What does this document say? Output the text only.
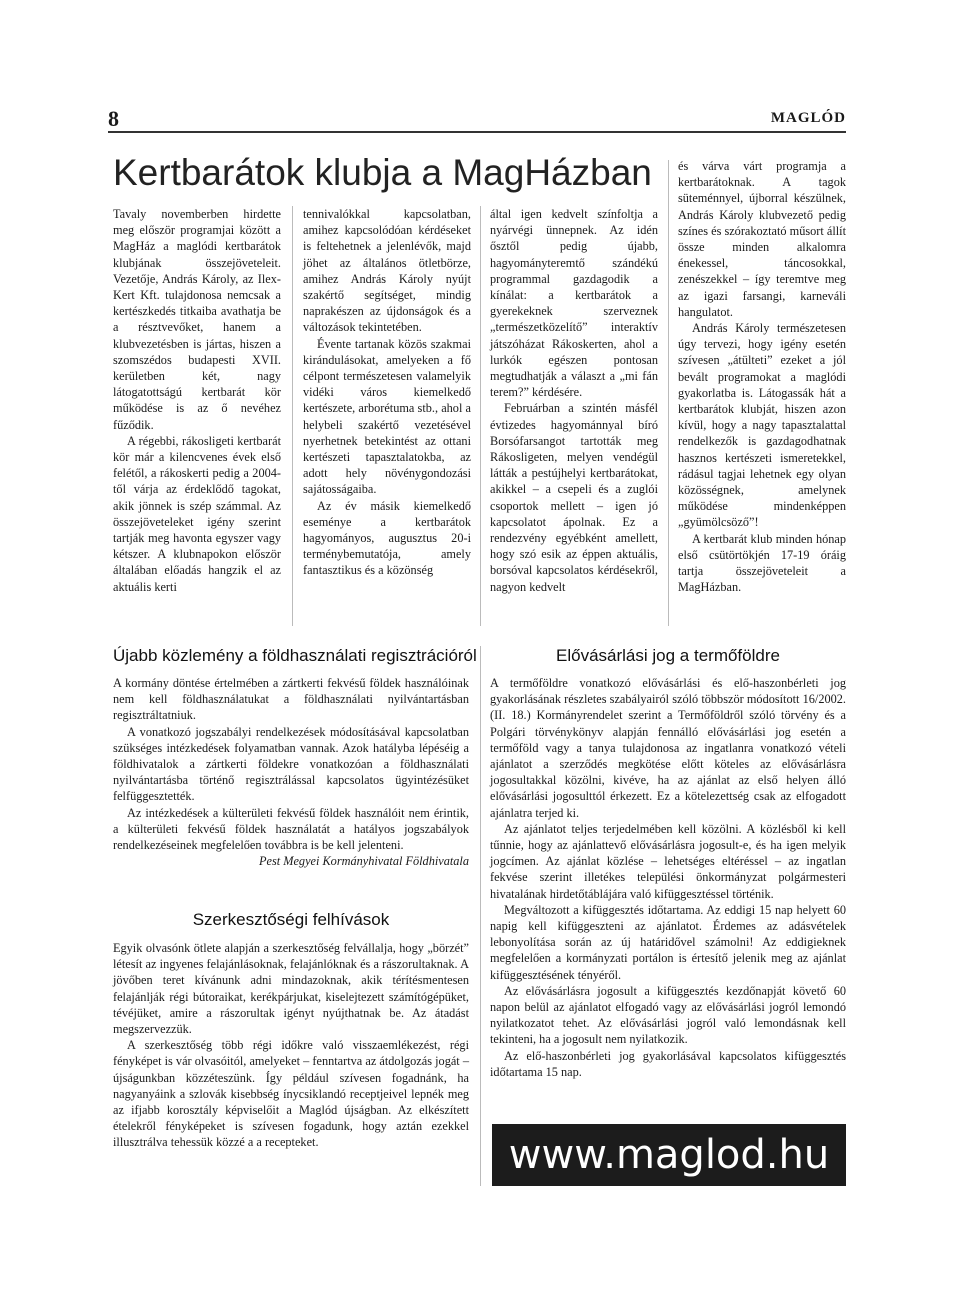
8	MAGLÓD
Kertbarátok klubja a MagHázban

Tavaly novemberben hirdette meg először programjai között a MagHáz a maglódi kertbarátok klubjának összejöveteleit. Vezetője, András Károly, az Ilex-Kert Kft. tulajdonosa nemcsak a kertészkedés titkaiba avathatja be a résztvevőket, hanem a klubvezetésben is jártas, hiszen a szomszédos budapesti XVII. kerületben két, nagy látogatottságú kertbarát kör működése is az ő nevéhez fűződik.

A régebbi, rákosligeti kertbarát kör már a kilencvenes évek első felétől, a rákoskerti pedig a 2004-től várja az érdeklődő tagokat, akik jönnek is szép számmal. Az összejöveteleket igény szerint tartják meg havonta egyszer vagy kétszer. A klubnapokon először általában előadás hangzik el az aktuális kerti

tennivalókkal kapcsolatban, amihez kapcsolódóan kérdéseket is feltehetnek a jelenlévők, majd jöhet az általános ötletbörze, amihez András Károly nyújt szakértő segítséget, mindig naprakészen az újdonságok és a változások tekintetében.

Évente tartanak közös szakmai kirándulásokat, amelyeken a fő célpont természetesen valamelyik vidéki város kiemelkedő kertészete, arborétuma stb., ahol a helybeli szakértő vezetésével nyerhetnek betekintést az ottani kertészeti tapasztalatokba, az adott hely növénygondozási sajátosságaiba.

Az év másik kiemelkedő eseménye a kertbarátok hagyományos, augusztus 20-i terménybemutatója, amely fantasztikus és a közönség

által igen kedvelt színfoltja a nyárvégi ünnepnek. Az idén ősztől pedig újabb, hagyományteremtő szándékú programmal gazdagodik a kínálat: a kertbarátok a gyerekeknek szerveznek „természetközelítő” interaktív játszóházat Rákoskerten, ahol a lurkók egészen pontosan megtudhatják a választ a „mi fán terem?” kérdésére.

Februárban a szintén másfél évtizedes hagyománnyal bíró Borsófarsangot tartották meg Rákosligeten, melyen vendégül látták a pestújhelyi kertbarátokat, akikkel – a csepeli és a zuglói csoportok mellett – igen jó kapcsolatot ápolnak. Ez a rendezvény egyébként amellett, hogy szó esik az éppen aktuális, borsóval kapcsolatos kérdésekről, nagyon kedvelt

és várva várt programja a kertbarátoknak. A tagok süteménnyel, újborral készülnek, András Károly klubvezető pedig színes és szórakoztató műsort állít össze minden alkalomra énekessel, táncosokkal, zenészekkel – így teremtve meg az igazi farsangi, karneváli hangulatot.

András Károly természetesen úgy tervezi, hogy igény esetén szívesen „átülteti” ezeket a jól bevált programokat a maglódi gyakorlatba is. Látogassák hát a kertbarátok klubját, hiszen azon kívül, hogy a nagy tapasztalattal rendelkezők is gazdagodhatnak hasznos kertészeti ismeretekkel, rádásul tagjai lehetnek egy olyan közösségnek, amelynek működése mindenképpen „gyümölcsöző”!

A kertbarát klub minden hónap első csütörtökjén 17-19 óráig tartja összejöveteleit a MagHázban.

Újabb közlemény a földhasználati regisztrációról

A kormány döntése értelmében a zártkerti fekvésű földek használóinak nem kell földhasználatukat a földhasználati nyilvántartásban regisztráltatniuk.

A vonatkozó jogszabályi rendelkezések módosításával kapcsolatban szükséges intézkedések folyamatban vannak. Azok hatályba lépéséig a földhivatalok a zártkerti földekre vonatkozóan a földhasználati nyilvántartásba történő regisztrálással kapcsolatos ügyintézésüket felfüggesztették.

Az intézkedések a külterületi fekvésű földek használóit nem érintik, a külterületi fekvésű földek használatát a hatályos jogszabályok rendelkezéseinek megfelelően továbbra is be kell jelenteni.

Pest Megyei Kormányhivatal Földhivatala

Szerkesztőségi felhívások

Egyik olvasónk ötlete alapján a szerkesztőség felvállalja, hogy „börzét” létesít az ingyenes felajánlásoknak, felajánlóknak és a rászorultaknak. A jövőben teret kívánunk adni mindazoknak, akik térítésmentesen felajánlják régi bútoraikat, kerékpárjukat, kiselejtezett számítógépüket, tévéjüket, amire a rászorultak igényt nyújthatnak be. Az átadást megszervezzük.

A szerkesztőség több régi időkre való visszaemlékezést, régi fényképet is vár olvasóitól, amelyeket – fenntartva az átdolgozás jogát – újságunkban közzéteszünk. Így például szívesen fogadnánk, ha nagyanyáink a szlovák kisebbség ínycsiklandó receptjeivel lepnék meg az ifjabb korosztály képviselőit a Maglód újságban. Az elkészített ételekről fényképeket is szívesen fogadunk, hogy aztán ezekkel illusztrálva tehessük közzé a a recepteket.

Elővásárlási jog a termőföldre

A termőföldre vonatkozó elővásárlási és elő-haszonbérleti jog gyakorlásának részletes szabályairól szóló többször módosított 16/2002. (II. 18.) Kormányrendelet szerint a Termőföldről szóló törvény és a Polgári törvénykönyv alapján fennálló elővásárlási jog esetén a termőföld vagy a tanya tulajdonosa az ingatlanra vonatkozó vételi ajánlatot a szerződés megkötése előtt köteles az elővásárlásra jogosultakkal közölni, kivéve, ha az ajánlat az első helyen álló elővásárlási jogosulttól érkezett. Ez a kötelezettség csak az elfogadott ajánlatra terjed ki.

Az ajánlatot teljes terjedelmében kell közölni. A közlésből ki kell tűnnie, hogy az ajánlattevő elővásárlásra jogosult-e, és ha igen melyik jogcímen. Az ajánlat közlése – lehetséges eltéréssel – az ingatlan fekvése szerint illetékes települési önkormányzat polgármesteri hivatalának hirdetőtáblájára való kifüggesztéssel történik.

Megváltozott a kifüggesztés időtartama. Az eddigi 15 nap helyett 60 napig kell kifüggeszteni az ajánlatot. Érdemes az adásvételek lebonyolítása során az új határidővel számolni! Az eddigieknek megfelelően a kormányzati portálon is értesítő jelenik meg az ajánlat kifüggesztésének tényéről.

Az elővásárlásra jogosult a kifüggesztés kezdőnapját követő 60 napon belül az ajánlatot elfogadó vagy az elővásárlási jogról lemondó nyilatkozatot tehet. Az elővásárlási jogról való lemondásnak kell tekinteni, ha a jogosult nem nyilatkozik.

Az elő-haszonbérleti jog gyakorlásával kapcsolatos kifüggesztés időtartama 15 nap.

www.maglod.hu
